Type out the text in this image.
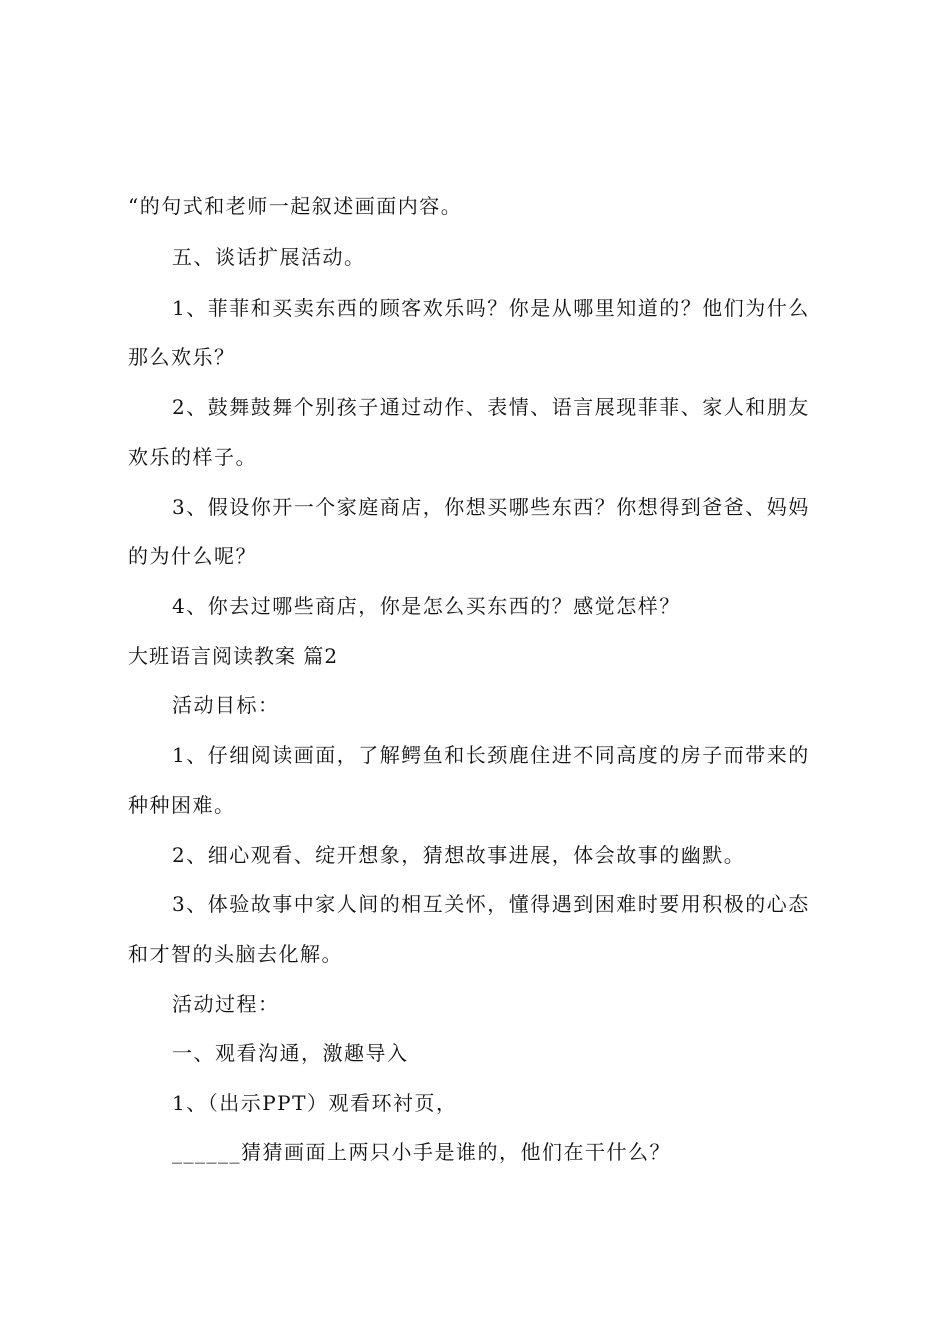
“的句式和老师一起叙述画面内容。
五、谈话扩展活动。
1、菲菲和买卖东西的顾客欢乐吗？你是从哪里知道的？他们为什么
那么欢乐？
2、鼓舞鼓舞个别孩子通过动作、表情、语言展现菲菲、家人和朋友
欢乐的样子。
3、假设你开一个家庭商店，你想买哪些东西？你想得到爸爸、妈妈
的为什么呢？
4、你去过哪些商店，你是怎么买东西的？感觉怎样？
大班语言阅读教案 篇2
活动目标：
1、仔细阅读画面，了解鳄鱼和长颈鹿住进不同高度的房子而带来的
种种困难。
2、细心观看、绽开想象，猜想故事进展，体会故事的幽默。
3、体验故事中家人间的相互关怀，懂得遇到困难时要用积极的心态
和才智的头脑去化解。
活动过程：
一、观看沟通，激趣导入
1、（出示PPT）观看环衬页，
______猜猜画面上两只小手是谁的，他们在干什么？
